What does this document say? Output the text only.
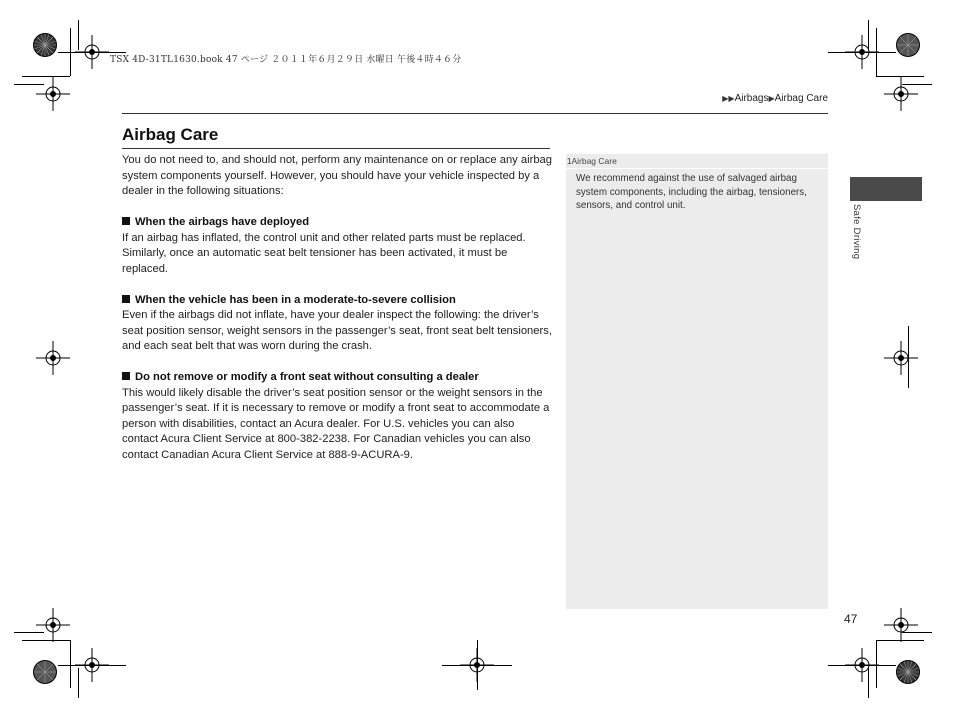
TSX 4D-31TL1630.book 47 ページ ２０１１年６月２９日 水曜日 午後４時４６分
▶▶Airbags▶Airbag Care
Airbag Care

You do not need to, and should not, perform any maintenance on or replace any airbag system components yourself. However, you should have your vehicle inspected by a dealer in the following situations:

When the airbags have deployed

If an airbag has inflated, the control unit and other related parts must be replaced. Similarly, once an automatic seat belt tensioner has been activated, it must be replaced.

When the vehicle has been in a moderate-to-severe collision

Even if the airbags did not inflate, have your dealer inspect the following: the driver’s seat position sensor, weight sensors in the passenger’s seat, front seat belt tensioners, and each seat belt that was worn during the crash.

Do not remove or modify a front seat without consulting a dealer

This would likely disable the driver’s seat position sensor or the weight sensors in the passenger’s seat. If it is necessary to remove or modify a front seat to accommodate a person with disabilities, contact an Acura dealer. For U.S. vehicles you can also contact Acura Client Service at 800-382-2238. For Canadian vehicles you can also contact Canadian Acura Client Service at 888-9-ACURA-9.

1Airbag Care
We recommend against the use of salvaged airbag system components, including the airbag, tensioners, sensors, and control unit.	Safe Driving
47
